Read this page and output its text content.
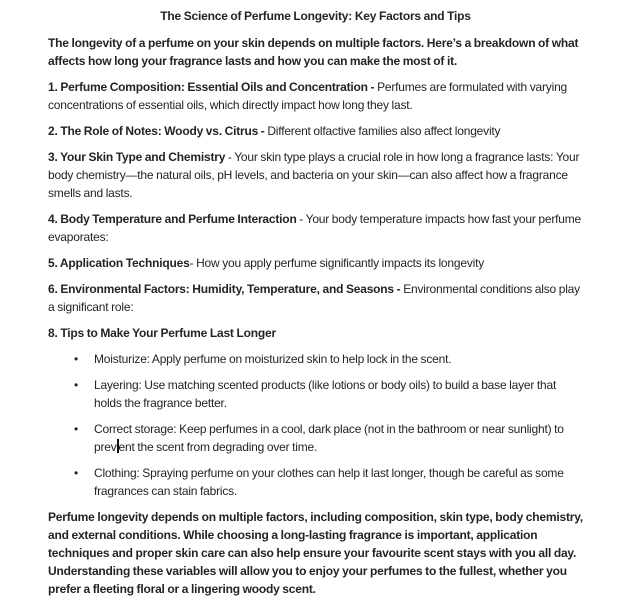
The Science of Perfume Longevity: Key Factors and Tips

The longevity of a perfume on your skin depends on multiple factors. Here’s a breakdown of what affects how long your fragrance lasts and how you can make the most of it.

1. Perfume Composition: Essential Oils and Concentration - Perfumes are formulated with varying concentrations of essential oils, which directly impact how long they last.

2. The Role of Notes: Woody vs. Citrus - Different olfactive families also affect longevity

3. Your Skin Type and Chemistry - Your skin type plays a crucial role in how long a fragrance lasts: Your body chemistry—the natural oils, pH levels, and bacteria on your skin—can also affect how a fragrance smells and lasts.

4. Body Temperature and Perfume Interaction - Your body temperature impacts how fast your perfume evaporates:

5. Application Techniques- How you apply perfume significantly impacts its longevity

6. Environmental Factors: Humidity, Temperature, and Seasons - Environmental conditions also play a significant role:

8. Tips to Make Your Perfume Last Longer

•	Moisturize: Apply perfume on moisturized skin to help lock in the scent.
•	Layering: Use matching scented products (like lotions or body oils) to build a base layer that holds the fragrance better.
•	Correct storage: Keep perfumes in a cool, dark place (not in the bathroom or near sunlight) to prev ent the scent from degrading over time.
•	Clothing: Spraying perfume on your clothes can help it last longer, though be careful as some fragrances can stain fabrics.

Perfume longevity depends on multiple factors, including composition, skin type, body chemistry, and external conditions. While choosing a long-lasting fragrance is important, application techniques and proper skin care can also help ensure your favourite scent stays with you all day. Understanding these variables will allow you to enjoy your perfumes to the fullest, whether you prefer a fleeting floral or a lingering woody scent.
